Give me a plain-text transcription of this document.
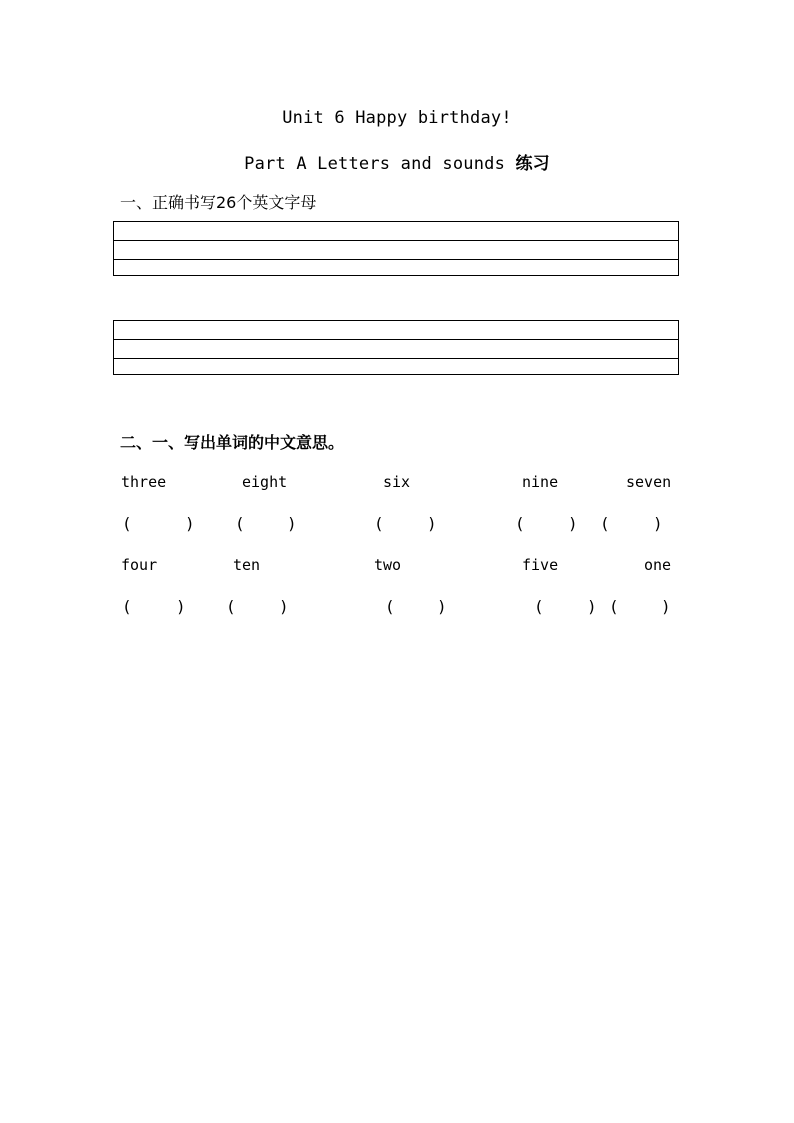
Unit 6 Happy birthday!
Part A Letters and sounds 练习
一、正确书写26个英文字母
二、一、写出单词的中文意思。
three	eight	six	nine	seven
(	)	(	)	(	)	(	) (	)
four	ten	two	five	one
(	)	(	)	(	)	(	) (	)
